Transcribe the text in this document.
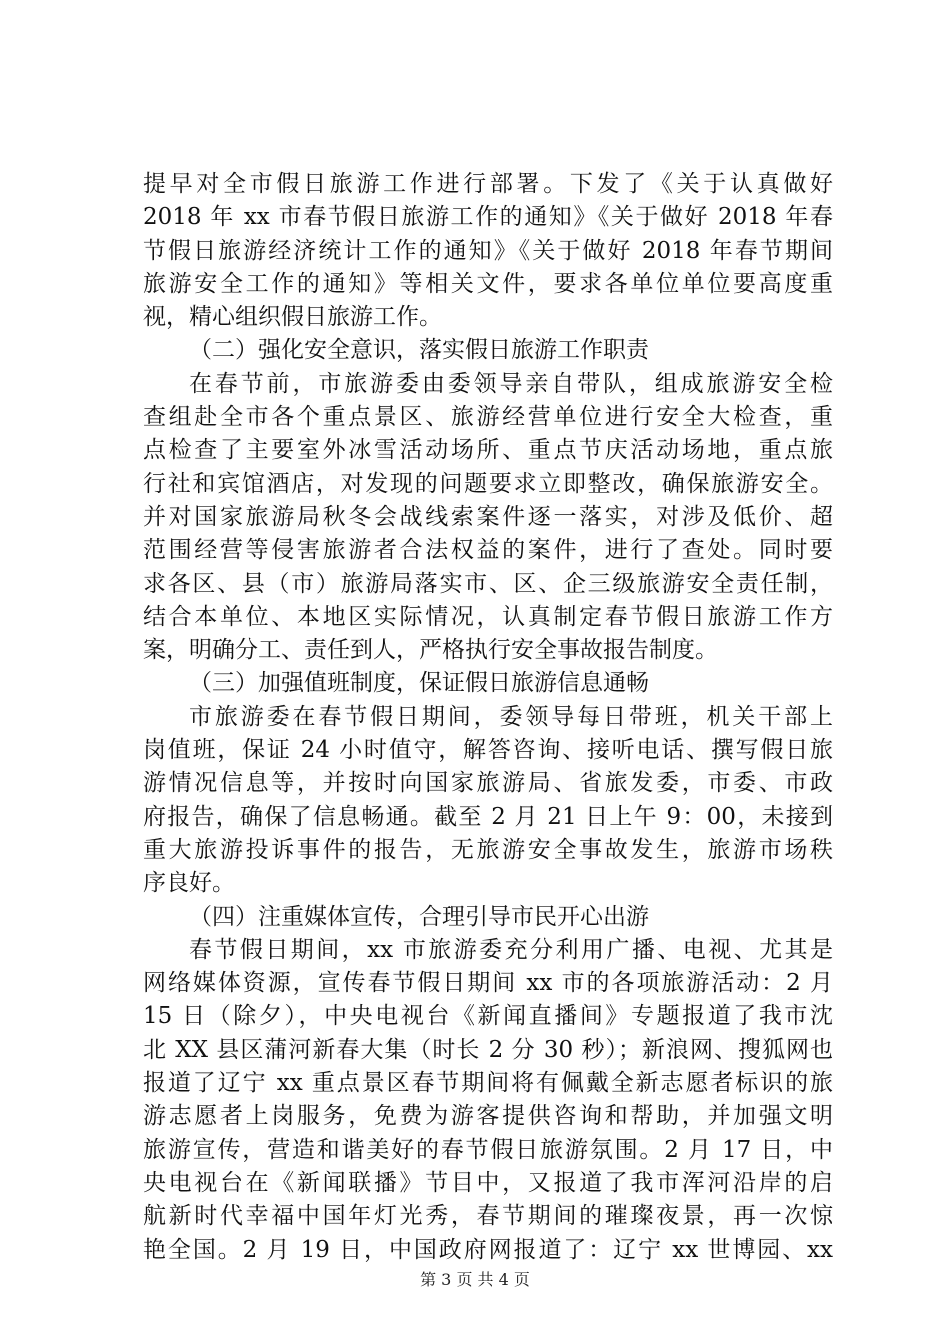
提早对全市假日旅游工作进行部署。下发了《关于认真做好
2018 年 xx 市春节假日旅游工作的通知》《关于做好 2018 年春
节假日旅游经济统计工作的通知》《关于做好 2018 年春节期间
旅游安全工作的通知》等相关文件，要求各单位单位要高度重
视，精心组织假日旅游工作。
（二）强化安全意识，落实假日旅游工作职责
在春节前，市旅游委由委领导亲自带队，组成旅游安全检
查组赴全市各个重点景区、旅游经营单位进行安全大检查，重
点检查了主要室外冰雪活动场所、重点节庆活动场地，重点旅
行社和宾馆酒店，对发现的问题要求立即整改，确保旅游安全。
并对国家旅游局秋冬会战线索案件逐一落实，对涉及低价、超
范围经营等侵害旅游者合法权益的案件，进行了查处。同时要
求各区、县（市）旅游局落实市、区、企三级旅游安全责任制，
结合本单位、本地区实际情况，认真制定春节假日旅游工作方
案，明确分工、责任到人，严格执行安全事故报告制度。
（三）加强值班制度，保证假日旅游信息通畅
市旅游委在春节假日期间，委领导每日带班，机关干部上
岗值班，保证 24 小时值守，解答咨询、接听电话、撰写假日旅
游情况信息等，并按时向国家旅游局、省旅发委，市委、市政
府报告，确保了信息畅通。截至 2 月 21 日上午 9：00，未接到
重大旅游投诉事件的报告，无旅游安全事故发生，旅游市场秩
序良好。
（四）注重媒体宣传，合理引导市民开心出游
春节假日期间，xx 市旅游委充分利用广播、电视、尤其是
网络媒体资源，宣传春节假日期间 xx 市的各项旅游活动：2 月
15 日（除夕），中央电视台《新闻直播间》专题报道了我市沈
北 XX 县区蒲河新春大集（时长 2 分 30 秒）；新浪网、搜狐网也
报道了辽宁 xx 重点景区春节期间将有佩戴全新志愿者标识的旅
游志愿者上岗服务，免费为游客提供咨询和帮助，并加强文明
旅游宣传，营造和谐美好的春节假日旅游氛围。2 月 17 日，中
央电视台在《新闻联播》节目中，又报道了我市浑河沿岸的启
航新时代幸福中国年灯光秀，春节期间的璀璨夜景，再一次惊
艳全国。2 月 19 日，中国政府网报道了：辽宁 xx 世博园、xx
第 3 页 共 4 页
